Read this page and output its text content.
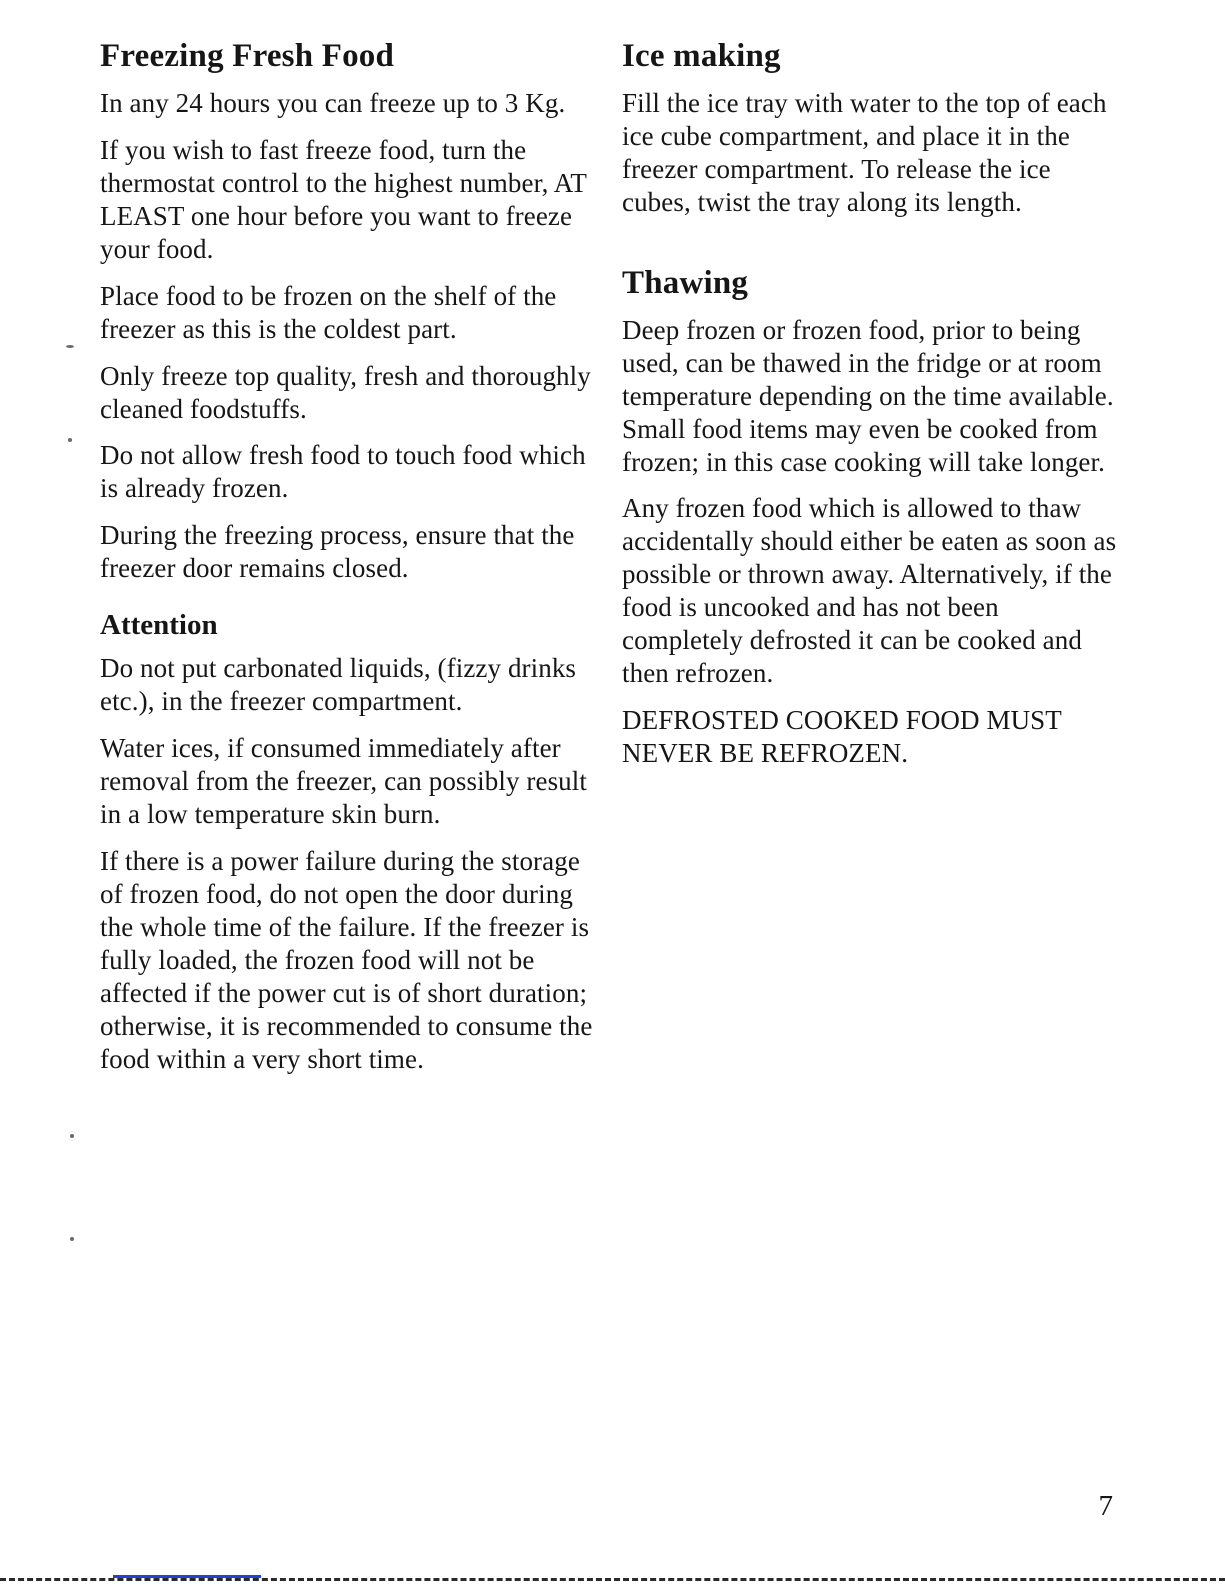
Freezing Fresh Food

In any 24 hours you can freeze up to 3 Kg.

If you wish to fast freeze food, turn the thermostat control to the highest number, AT LEAST one hour before you want to freeze your food.

Place food to be frozen on the shelf of the freezer as this is the coldest part.

Only freeze top quality, fresh and thoroughly cleaned foodstuffs.

Do not allow fresh food to touch food which is already frozen.

During the freezing process, ensure that the freezer door remains closed.

Attention

Do not put carbonated liquids, (fizzy drinks etc.), in the freezer compartment.

Water ices, if consumed immediately after removal from the freezer, can possibly result in a low temperature skin burn.

If there is a power failure during the storage of frozen food, do not open the door during the whole time of the failure. If the freezer is fully loaded, the frozen food will not be affected if the power cut is of short duration; otherwise, it is recommended to consume the food within a very short time.

Ice making

Fill the ice tray with water to the top of each ice cube compartment, and place it in the freezer compartment. To release the ice cubes, twist the tray along its length.

Thawing

Deep frozen or frozen food, prior to being used, can be thawed in the fridge or at room temperature depending on the time available. Small food items may even be cooked from frozen; in this case cooking will take longer.

Any frozen food which is allowed to thaw accidentally should either be eaten as soon as possible or thrown away. Alternatively, if the food is uncooked and has not been completely defrosted it can be cooked and then refrozen.

DEFROSTED COOKED FOOD MUST NEVER BE REFROZEN.

7
